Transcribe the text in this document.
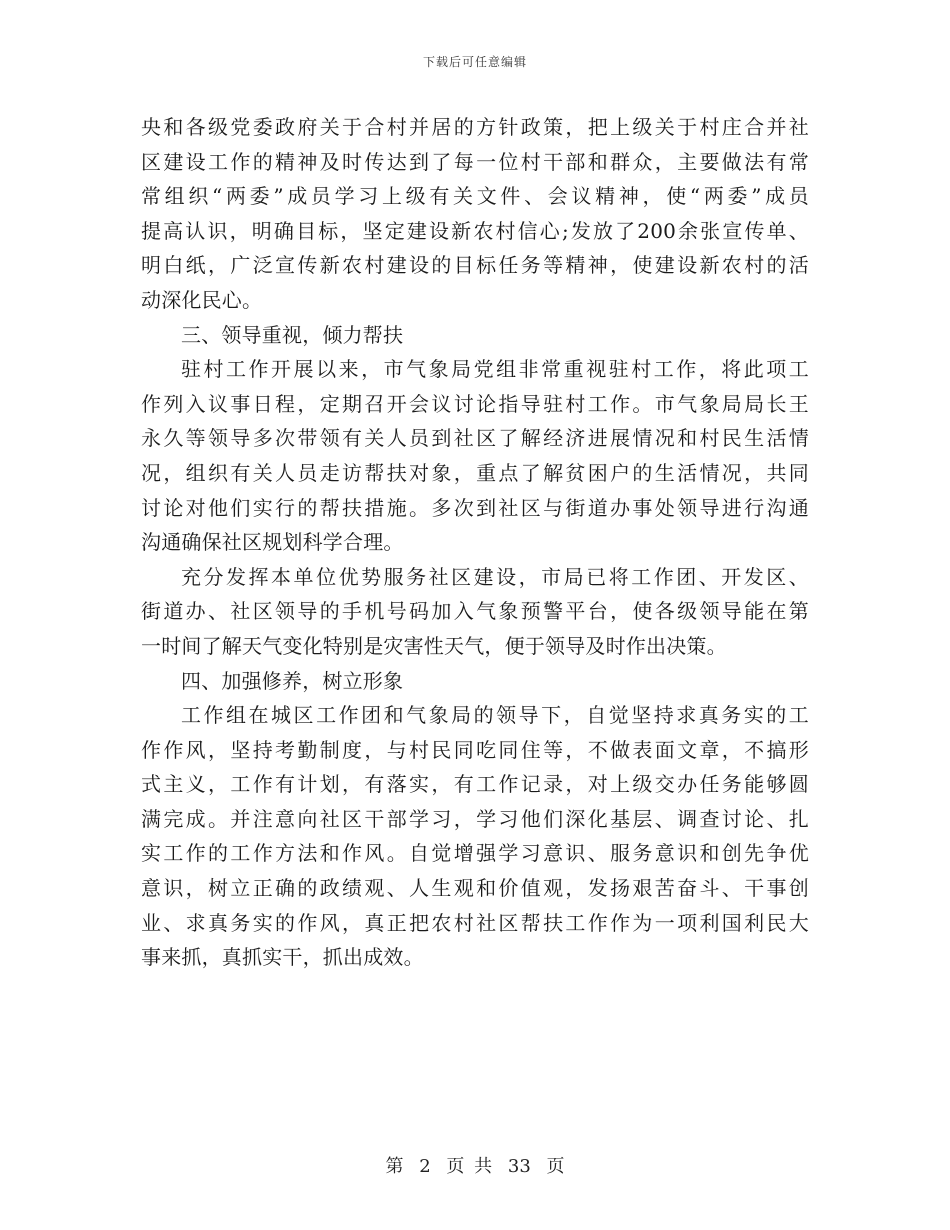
下载后可任意编辑
央和各级党委政府关于合村并居的方针政策，把上级关于村庄合并社
区建设工作的精神及时传达到了每一位村干部和群众，主要做法有常
常组织“两委”成员学习上级有关文件、会议精神，使“两委”成员
提高认识，明确目标，坚定建设新农村信心;发放了200余张宣传单、
明白纸，广泛宣传新农村建设的目标任务等精神，使建设新农村的活
动深化民心。
三、领导重视，倾力帮扶
驻村工作开展以来，市气象局党组非常重视驻村工作，将此项工
作列入议事日程，定期召开会议讨论指导驻村工作。市气象局局长王
永久等领导多次带领有关人员到社区了解经济进展情况和村民生活情
况，组织有关人员走访帮扶对象，重点了解贫困户的生活情况，共同
讨论对他们实行的帮扶措施。多次到社区与街道办事处领导进行沟通
沟通确保社区规划科学合理。
充分发挥本单位优势服务社区建设，市局已将工作团、开发区、
街道办、社区领导的手机号码加入气象预警平台，使各级领导能在第
一时间了解天气变化特别是灾害性天气，便于领导及时作出决策。
四、加强修养，树立形象
工作组在城区工作团和气象局的领导下，自觉坚持求真务实的工
作作风，坚持考勤制度，与村民同吃同住等，不做表面文章，不搞形
式主义，工作有计划，有落实，有工作记录，对上级交办任务能够圆
满完成。并注意向社区干部学习，学习他们深化基层、调查讨论、扎
实工作的工作方法和作风。自觉增强学习意识、服务意识和创先争优
意识，树立正确的政绩观、人生观和价值观，发扬艰苦奋斗、干事创
业、求真务实的作风，真正把农村社区帮扶工作作为一项利国利民大
事来抓，真抓实干，抓出成效。
第 2 页 共 33 页
